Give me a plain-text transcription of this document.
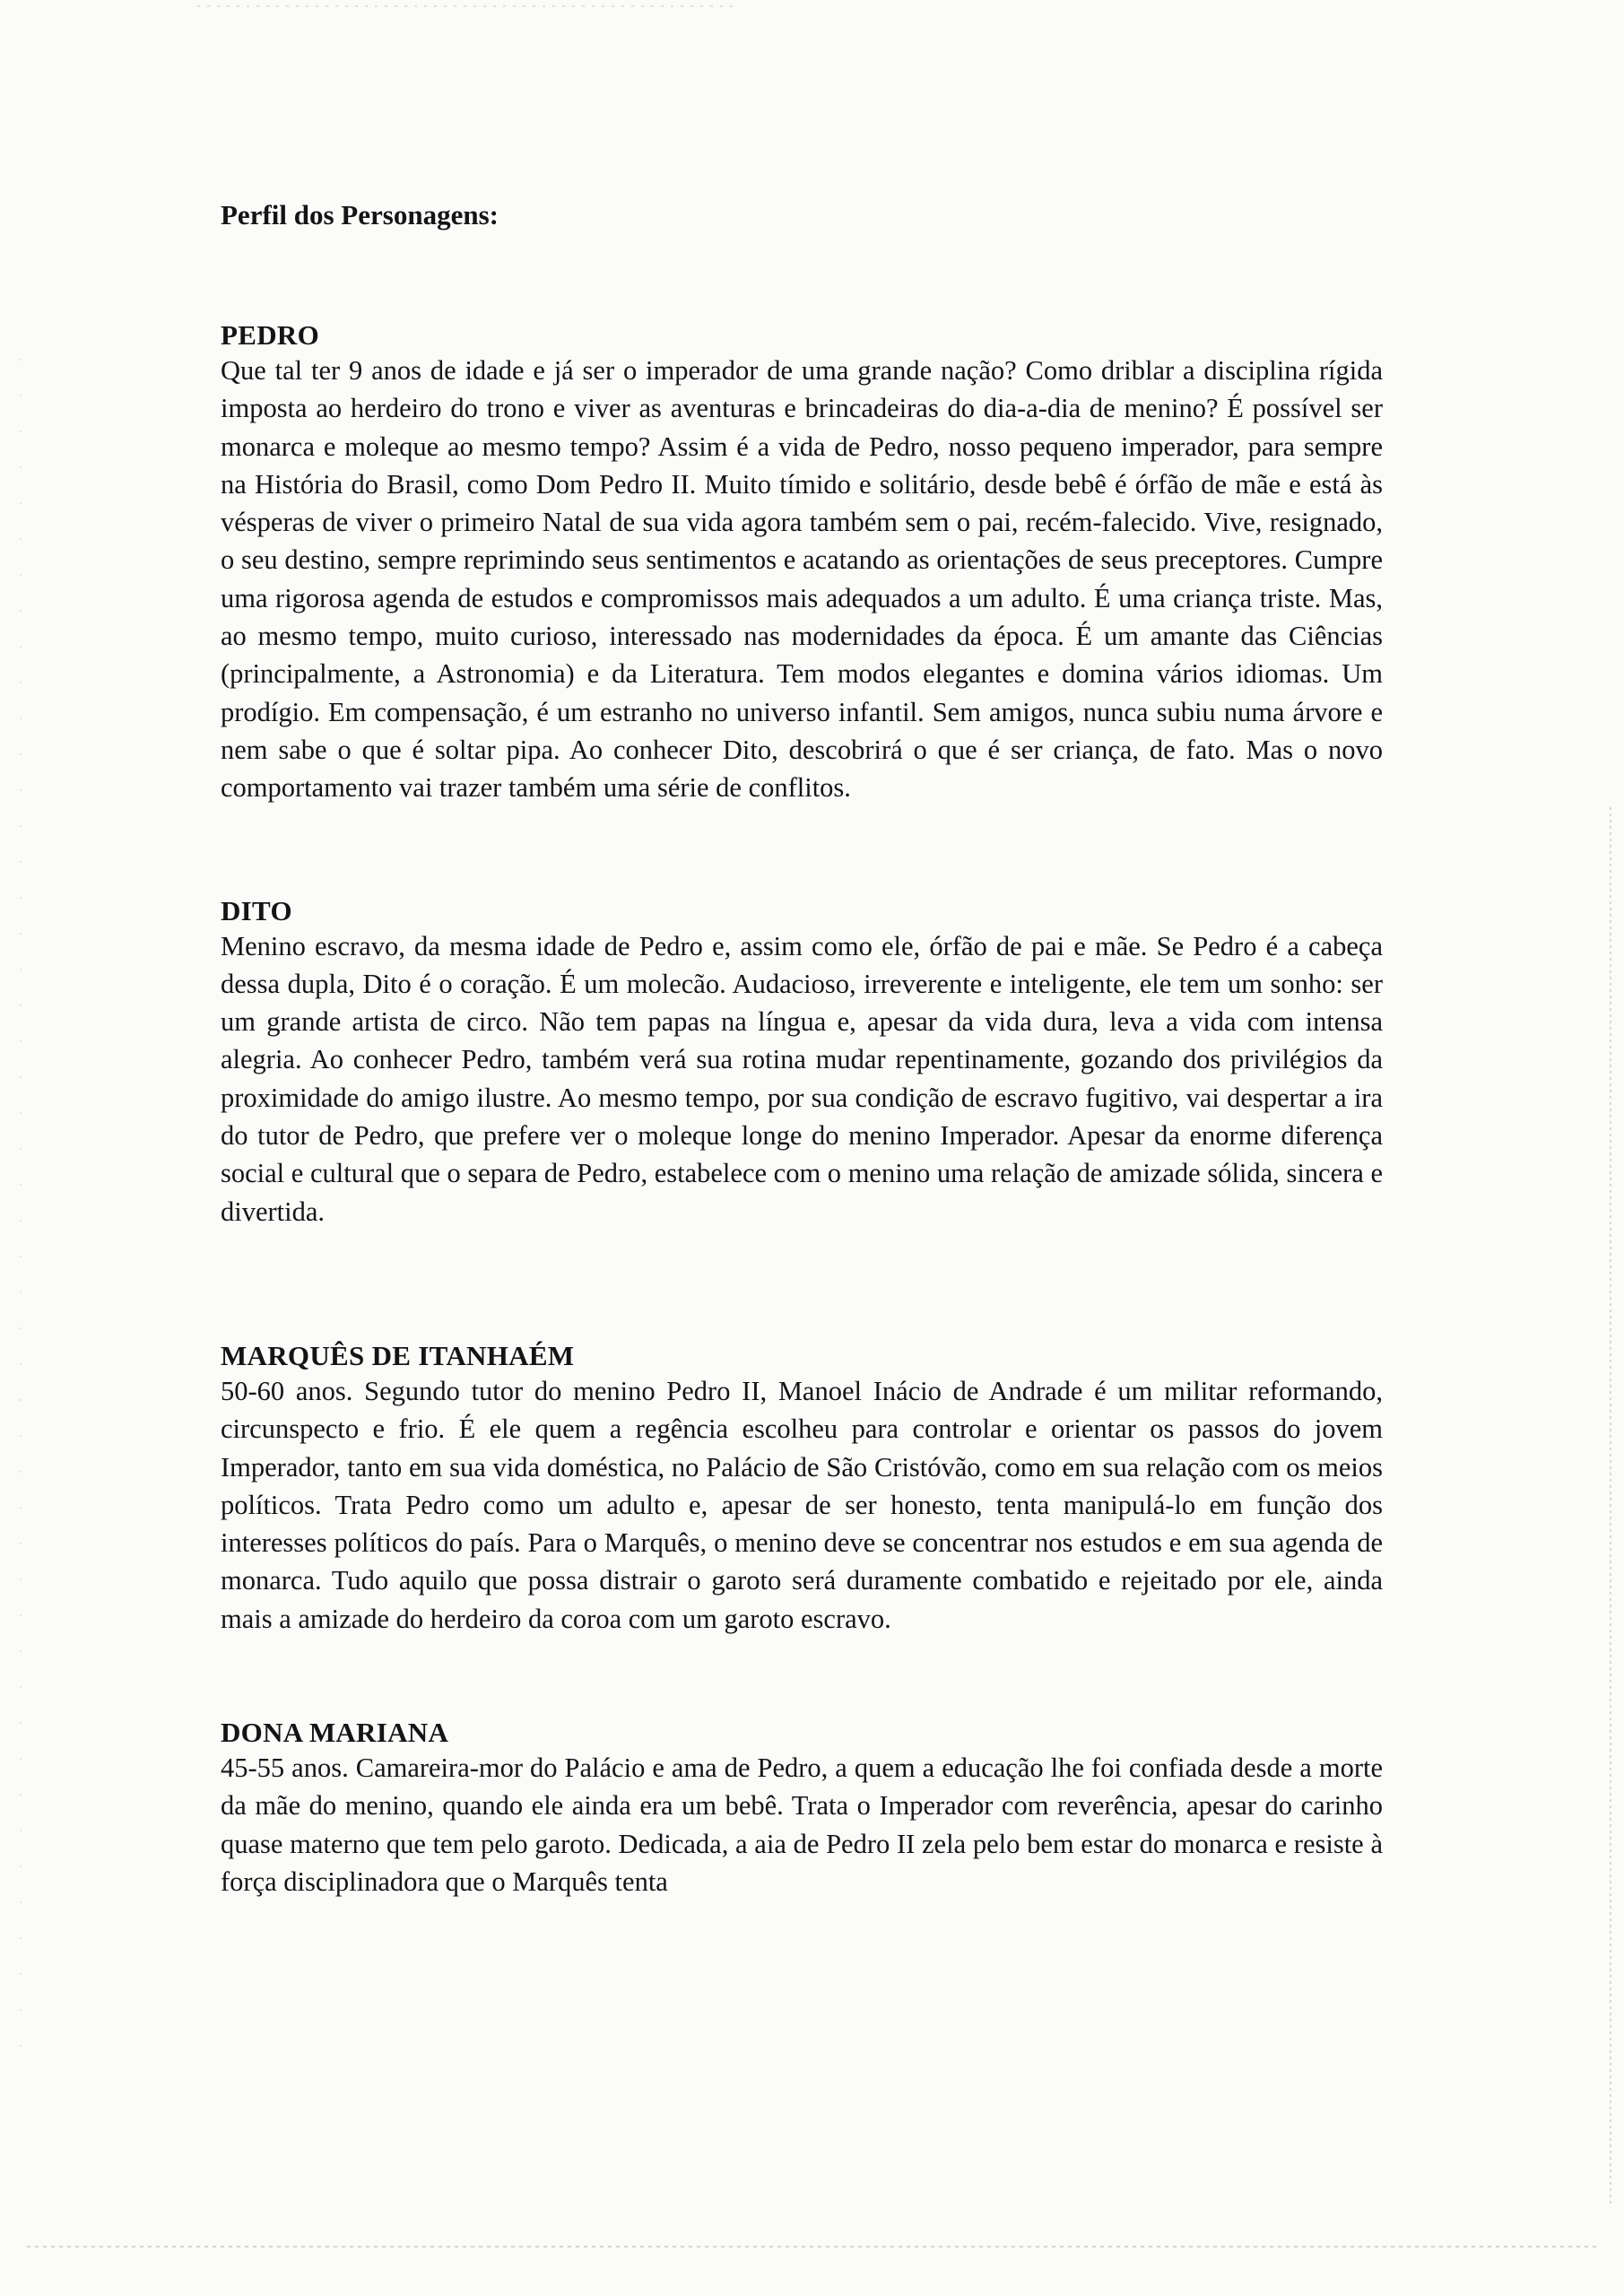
Perfil dos Personagens:
PEDRO

Que tal ter 9 anos de idade e já ser o imperador de uma grande nação? Como driblar a disciplina rígida imposta ao herdeiro do trono e viver as aventuras e brincadeiras do dia-a-dia de menino? É possível ser monarca e moleque ao mesmo tempo? Assim é a vida de Pedro, nosso pequeno imperador, para sempre na História do Brasil, como Dom Pedro II. Muito tímido e solitário, desde bebê é órfão de mãe e está às vésperas de viver o primeiro Natal de sua vida agora também sem o pai, recém-falecido. Vive, resignado, o seu destino, sempre reprimindo seus sentimentos e acatando as orientações de seus preceptores. Cumpre uma rigorosa agenda de estudos e compromissos mais adequados a um adulto. É uma criança triste. Mas, ao mesmo tempo, muito curioso, interessado nas modernidades da época. É um amante das Ciências (principalmente, a Astronomia) e da Literatura. Tem modos elegantes e domina vários idiomas. Um prodígio. Em compensação, é um estranho no universo infantil. Sem amigos, nunca subiu numa árvore e nem sabe o que é soltar pipa. Ao conhecer Dito, descobrirá o que é ser criança, de fato. Mas o novo comportamento vai trazer também uma série de conflitos.

DITO

Menino escravo, da mesma idade de Pedro e, assim como ele, órfão de pai e mãe. Se Pedro é a cabeça dessa dupla, Dito é o coração. É um molecão. Audacioso, irreverente e inteligente, ele tem um sonho: ser um grande artista de circo. Não tem papas na língua e, apesar da vida dura, leva a vida com intensa alegria. Ao conhecer Pedro, também verá sua rotina mudar repentinamente, gozando dos privilégios da proximidade do amigo ilustre. Ao mesmo tempo, por sua condição de escravo fugitivo, vai despertar a ira do tutor de Pedro, que prefere ver o moleque longe do menino Imperador. Apesar da enorme diferença social e cultural que o separa de Pedro, estabelece com o menino uma relação de amizade sólida, sincera e divertida.

MARQUÊS DE ITANHAÉM

50-60 anos. Segundo tutor do menino Pedro II, Manoel Inácio de Andrade é um militar reformando, circunspecto e frio. É ele quem a regência escolheu para controlar e orientar os passos do jovem Imperador, tanto em sua vida doméstica, no Palácio de São Cristóvão, como em sua relação com os meios políticos. Trata Pedro como um adulto e, apesar de ser honesto, tenta manipulá-lo em função dos interesses políticos do país. Para o Marquês, o menino deve se concentrar nos estudos e em sua agenda de monarca. Tudo aquilo que possa distrair o garoto será duramente combatido e rejeitado por ele, ainda mais a amizade do herdeiro da coroa com um garoto escravo.

DONA MARIANA

45-55 anos. Camareira-mor do Palácio e ama de Pedro, a quem a educação lhe foi confiada desde a morte da mãe do menino, quando ele ainda era um bebê. Trata o Imperador com reverência, apesar do carinho quase materno que tem pelo garoto. Dedicada, a aia de Pedro II zela pelo bem estar do monarca e resiste à força disciplinadora que o Marquês tenta
